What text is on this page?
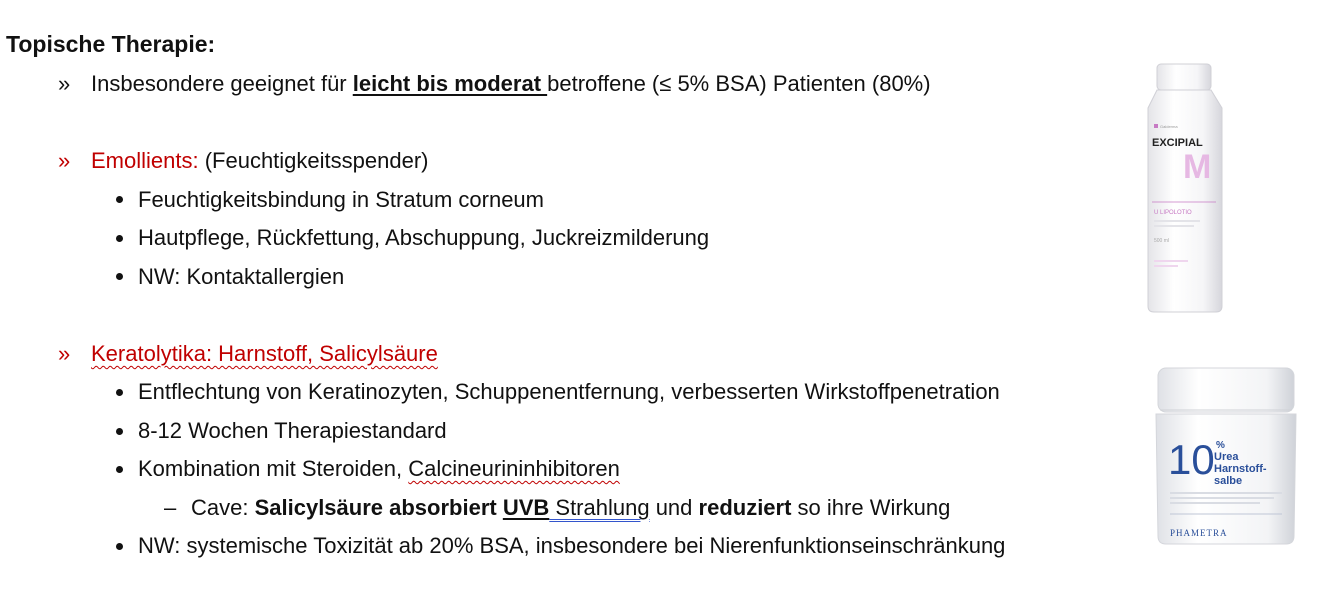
Topische Therapie:
» Insbesondere geeignet für leicht bis moderat betroffene (≤ 5% BSA) Patienten (80%)
» Emollients: (Feuchtigkeitsspender)
Feuchtigkeitsbindung in Stratum corneum
Hautpflege, Rückfettung, Abschuppung, Juckreizmilderung
NW: Kontaktallergien
» Keratolytika: Harnstoff, Salicylsäure
Entflechtung von Keratinozyten, Schuppenentfernung, verbesserten Wirkstoffpenetration
8-12 Wochen Therapiestandard
Kombination mit Steroiden, Calcineurininhibitoren
– Cave: Salicylsäure absorbiert UVB Strahlung und reduziert so ihre Wirkung
NW: systemische Toxizität ab 20% BSA, insbesondere bei Nierenfunktionseinschränkung
Galderma
EXCIPIAL
M
U LIPOLOTIO
500 ml
10 %
Urea
Harnstoff-
salbe
PHAMETRA
